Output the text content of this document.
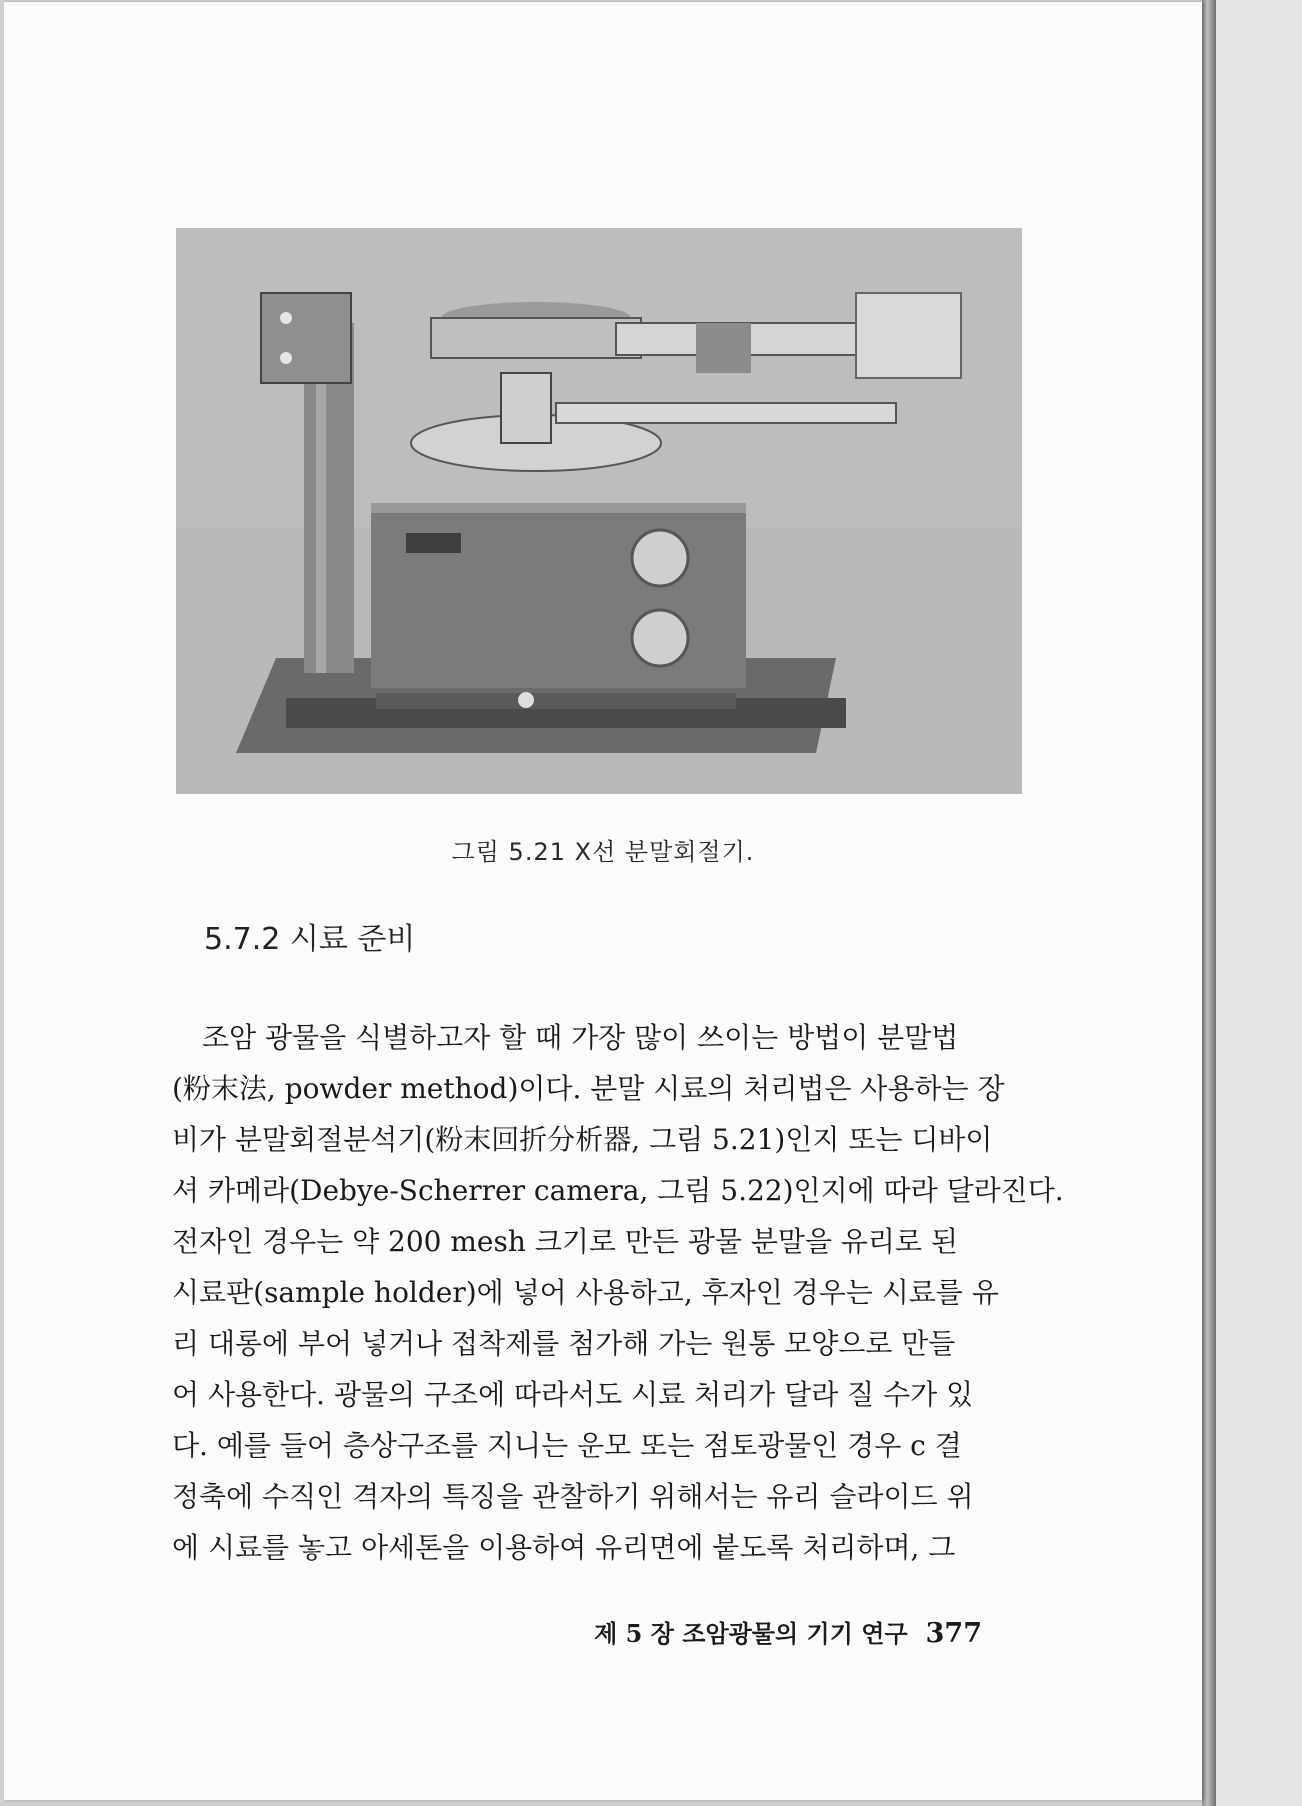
그림 5.21 X선 분말회절기.
5.7.2 시료 준비
조암 광물을 식별하고자 할 때 가장 많이 쓰이는 방법이 분말법
(粉末法, powder method)이다. 분말 시료의 처리법은 사용하는 장
비가 분말회절분석기(粉末回折分析器, 그림 5.21)인지 또는 디바이
셔 카메라(Debye-Scherrer camera, 그림 5.22)인지에 따라 달라진다.
전자인 경우는 약 200 mesh 크기로 만든 광물 분말을 유리로 된
시료판(sample holder)에 넣어 사용하고, 후자인 경우는 시료를 유
리 대롱에 부어 넣거나 접착제를 첨가해 가는 원통 모양으로 만들
어 사용한다. 광물의 구조에 따라서도 시료 처리가 달라 질 수가 있
다. 예를 들어 층상구조를 지니는 운모 또는 점토광물인 경우 c 결
정축에 수직인 격자의 특징을 관찰하기 위해서는 유리 슬라이드 위
에 시료를 놓고 아세톤을 이용하여 유리면에 붙도록 처리하며, 그
제 5 장 조암광물의 기기 연구 377
